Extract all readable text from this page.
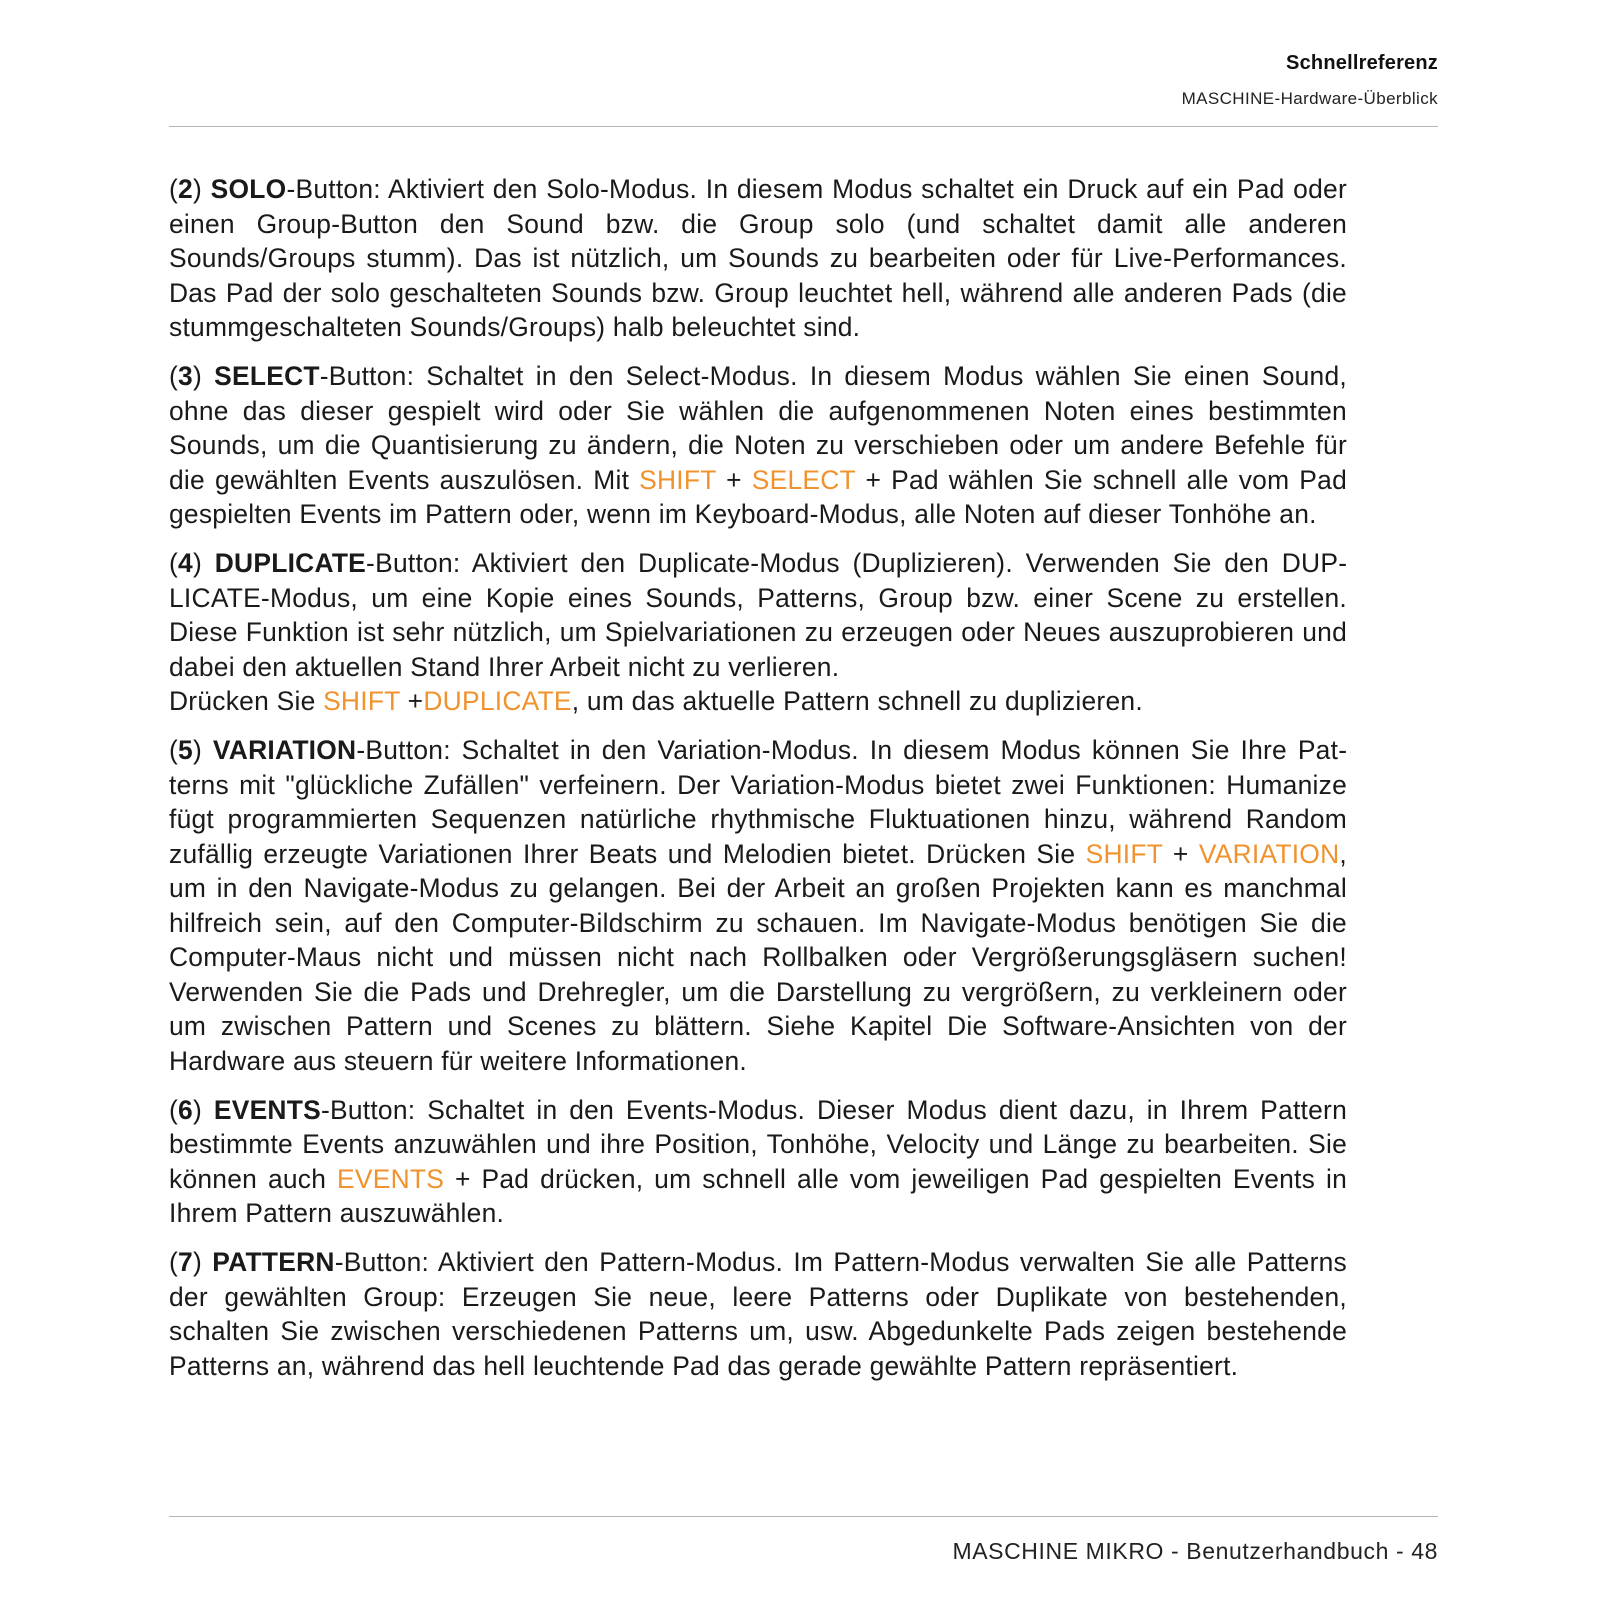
Schnellreferenz
MASCHINE-Hardware-Überblick

(2) SOLO-Button: Aktiviert den Solo-Modus. In diesem Modus schaltet ein Druck auf ein Pad oder einen Group-Button den Sound bzw. die Group solo (und schaltet damit alle anderen Sounds/Groups stumm). Das ist nützlich, um Sounds zu bearbeiten oder für Live-Performances. Das Pad der solo geschalteten Sounds bzw. Group leuchtet hell, während alle anderen Pads (die stummgeschalteten Sounds/Groups) halb beleuchtet sind.

(3) SELECT-Button: Schaltet in den Select-Modus. In diesem Modus wählen Sie einen Sound, ohne das dieser gespielt wird oder Sie wählen die aufgenommenen Noten eines bestimmten Sounds, um die Quantisierung zu ändern, die Noten zu verschieben oder um andere Befehle für die gewählten Events auszulösen. Mit SHIFT + SELECT + Pad wählen Sie schnell alle vom Pad gespielten Events im Pattern oder, wenn im Keyboard-Modus, alle Noten auf dieser Tonhöhe an.

(4) DUPLICATE-Button: Aktiviert den Duplicate-Modus (Duplizieren). Verwenden Sie den DUPLICATE-Modus, um eine Kopie eines Sounds, Patterns, Group bzw. einer Scene zu erstellen. Diese Funktion ist sehr nützlich, um Spielvariationen zu erzeugen oder Neues auszuprobieren und dabei den aktuellen Stand Ihrer Arbeit nicht zu verlieren.

Drücken Sie SHIFT +DUPLICATE, um das aktuelle Pattern schnell zu duplizieren.

(5) VARIATION-Button: Schaltet in den Variation-Modus. In diesem Modus können Sie Ihre Patterns mit "glückliche Zufällen" verfeinern. Der Variation-Modus bietet zwei Funktionen: Humanize fügt programmierten Sequenzen natürliche rhythmische Fluktuationen hinzu, während Random zufällig erzeugte Variationen Ihrer Beats und Melodien bietet. Drücken Sie SHIFT + VARIATION, um in den Navigate-Modus zu gelangen. Bei der Arbeit an großen Projekten kann es manchmal hilfreich sein, auf den Computer-Bildschirm zu schauen. Im Navigate-Modus benötigen Sie die Computer-Maus nicht und müssen nicht nach Rollbalken oder Vergrößerungsgläsern suchen! Verwenden Sie die Pads und Drehregler, um die Darstellung zu vergrößern, zu verkleinern oder um zwischen Pattern und Scenes zu blättern. Siehe Kapitel Die Software-Ansichten von der Hardware aus steuern für weitere Informationen.

(6) EVENTS-Button: Schaltet in den Events-Modus. Dieser Modus dient dazu, in Ihrem Pattern bestimmte Events anzuwählen und ihre Position, Tonhöhe, Velocity und Länge zu bearbeiten. Sie können auch EVENTS + Pad drücken, um schnell alle vom jeweiligen Pad gespielten Events in Ihrem Pattern auszuwählen.

(7) PATTERN-Button: Aktiviert den Pattern-Modus. Im Pattern-Modus verwalten Sie alle Patterns der gewählten Group: Erzeugen Sie neue, leere Patterns oder Duplikate von bestehenden, schalten Sie zwischen verschiedenen Patterns um, usw. Abgedunkelte Pads zeigen bestehende Patterns an, während das hell leuchtende Pad das gerade gewählte Pattern repräsentiert.

MASCHINE MIKRO - Benutzerhandbuch - 48
